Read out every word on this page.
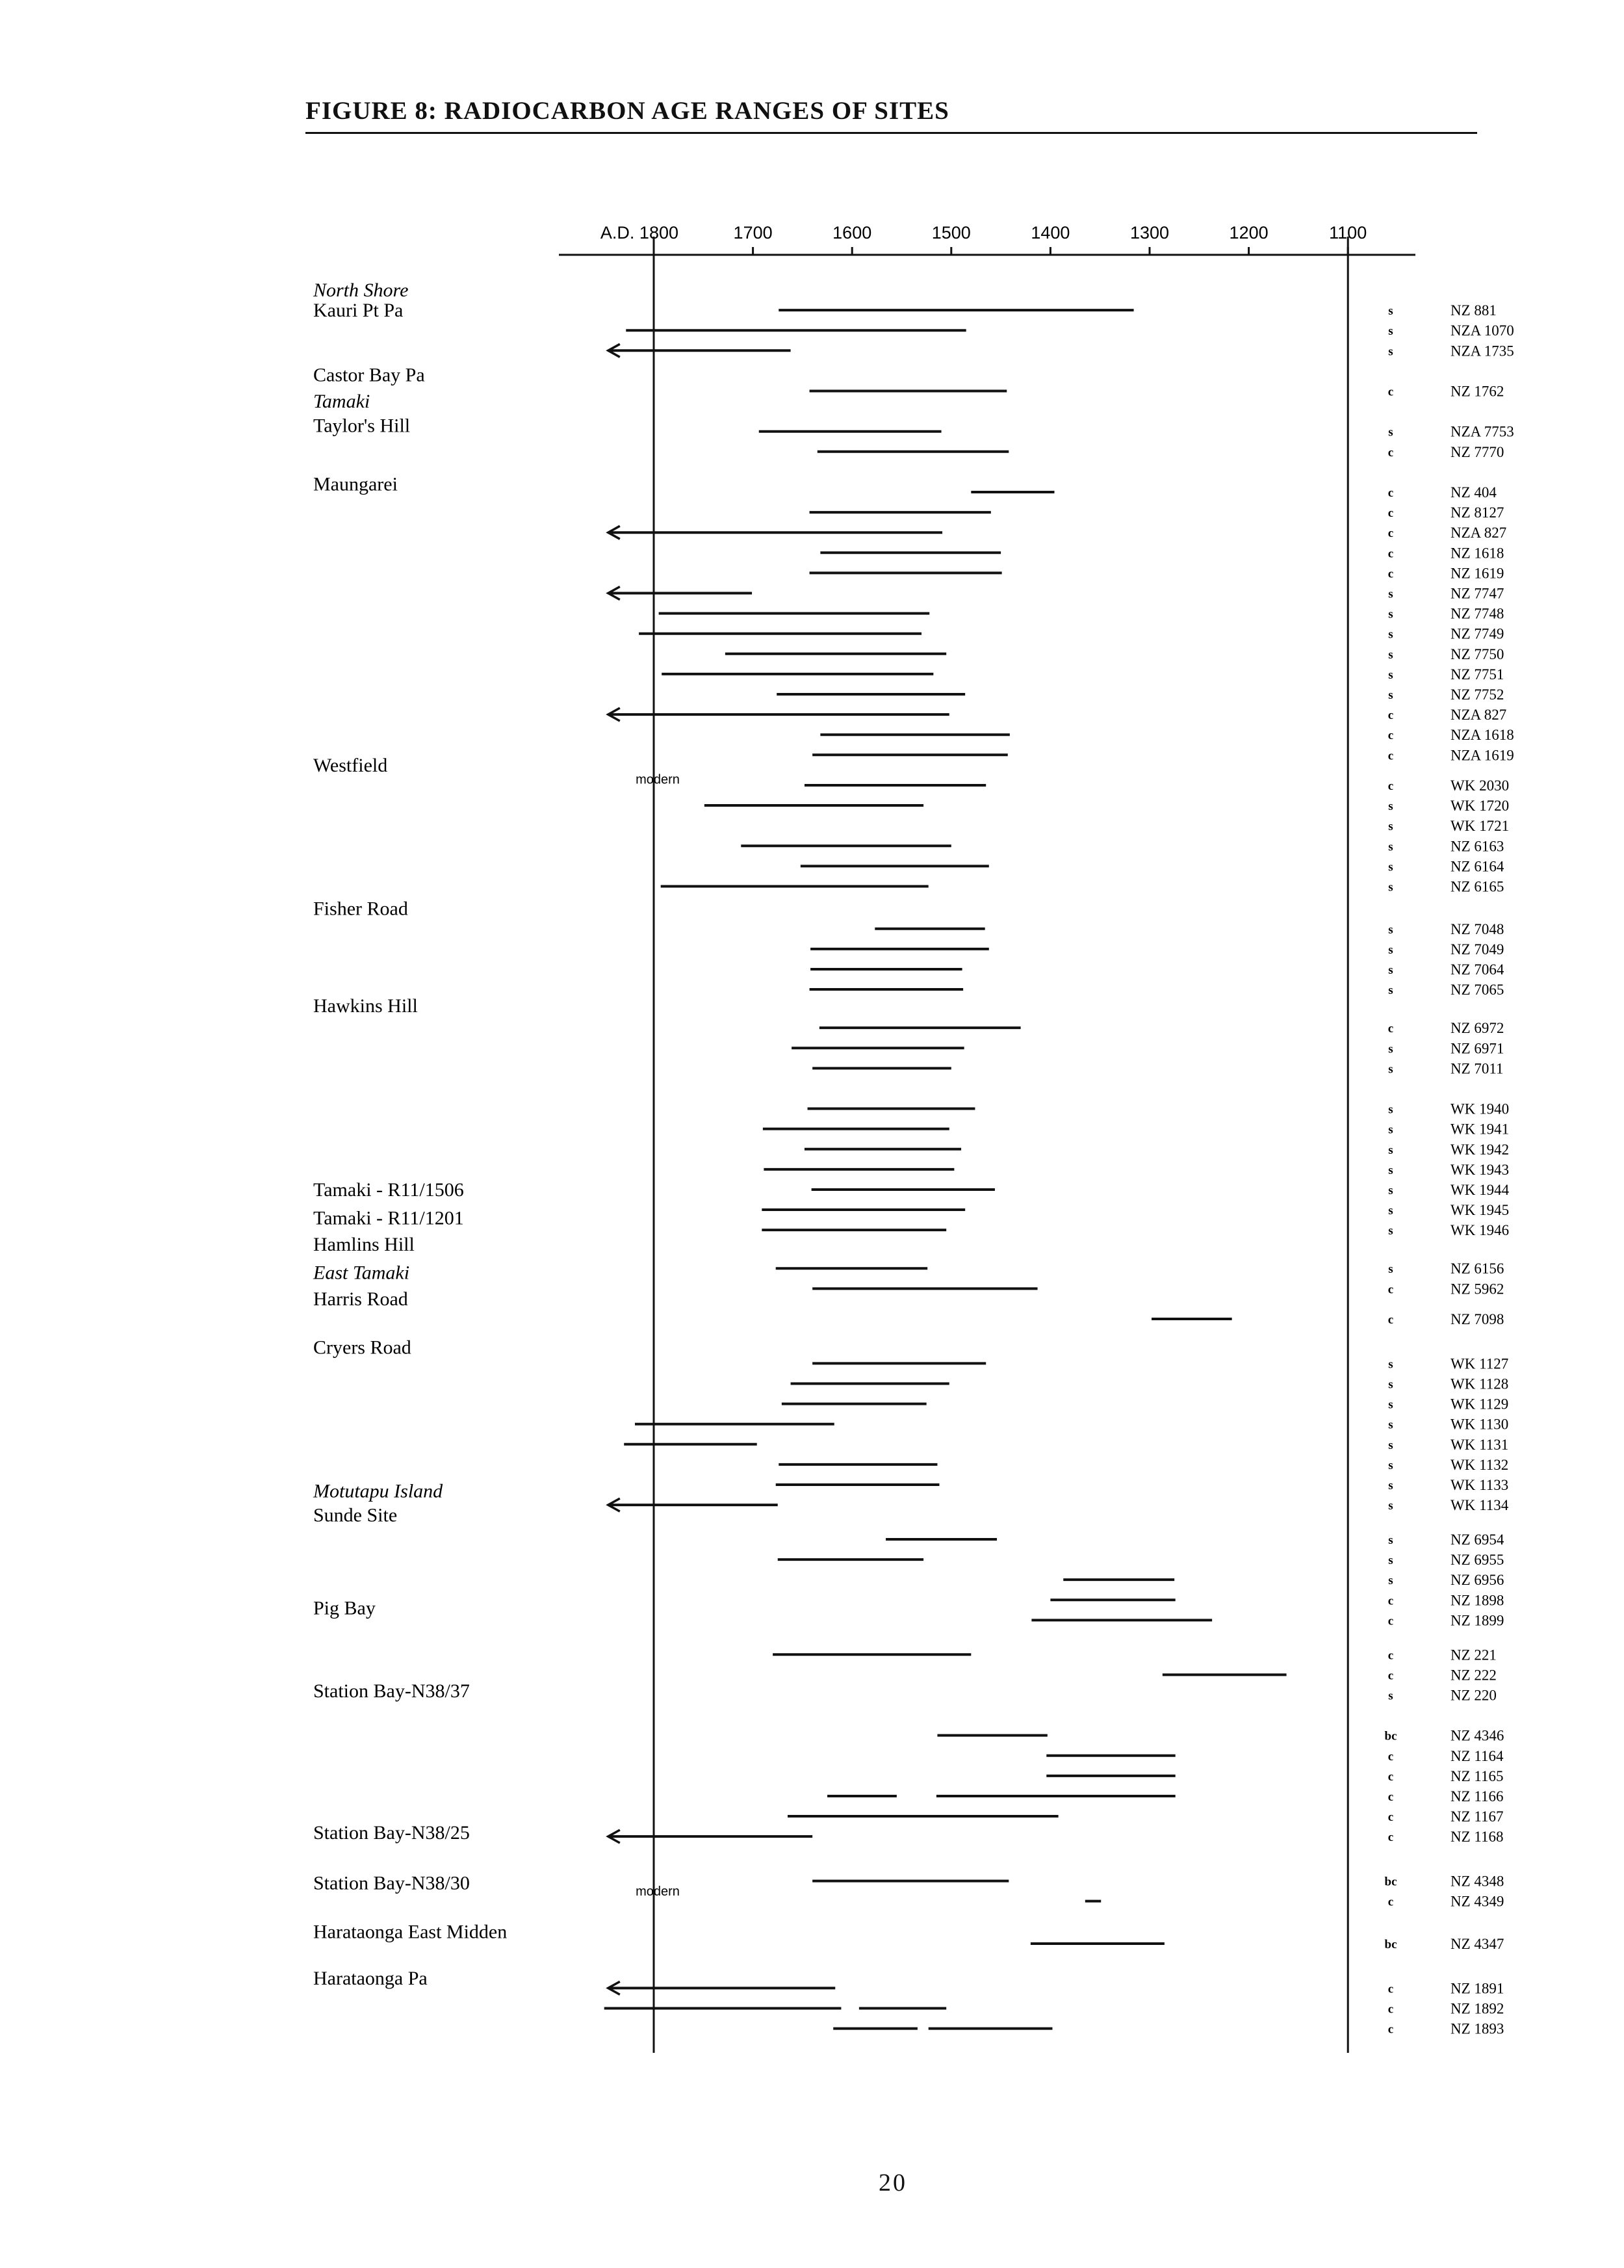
FIGURE 8: RADIOCARBON AGE RANGES OF SITES
A.D. 1800	1700	1600	1500	1400	1300	1200	1100
North Shore
Kauri Pt Pa
Castor Bay Pa
Tamaki
Taylor's Hill
Maungarei
Westfield
Fisher Road
Hawkins Hill
Tamaki - R11/1506
Tamaki - R11/1201
Hamlins Hill
East Tamaki
Harris Road
Cryers Road
Motutapu Island
Sunde Site
Pig Bay
Station Bay-N38/37
Station Bay-N38/25
Station Bay-N38/30
Harataonga East Midden
Harataonga Pa
s	NZ 881
s	NZA 1070
s	NZA 1735
c	NZ 1762
s	NZA 7753
c	NZ 7770
c	NZ 404
c	NZ 8127
c	NZA 827
c	NZ 1618
c	NZ 1619
s	NZ 7747
s	NZ 7748
s	NZ 7749
s	NZ 7750
s	NZ 7751
s	NZ 7752
c	NZA 827
c	NZA 1618
c	NZA 1619
c	WK 2030
s	WK 1720
s	WK 1721
s	NZ 6163
s	NZ 6164
s	NZ 6165
s	NZ 7048
s	NZ 7049
s	NZ 7064
s	NZ 7065
c	NZ 6972
s	NZ 6971
s	NZ 7011
s	WK 1940
s	WK 1941
s	WK 1942
s	WK 1943
s	WK 1944
s	WK 1945
s	WK 1946
s	NZ 6156
c	NZ 5962
c	NZ 7098
s	WK 1127
s	WK 1128
s	WK 1129
s	WK 1130
s	WK 1131
s	WK 1132
s	WK 1133
s	WK 1134
s	NZ 6954
s	NZ 6955
s	NZ 6956
c	NZ 1898
c	NZ 1899
c	NZ 221
c	NZ 222
s	NZ 220
bc	NZ 4346
c	NZ 1164
c	NZ 1165
c	NZ 1166
c	NZ 1167
c	NZ 1168
bc	NZ 4348
c	NZ 4349
bc	NZ 4347
c	NZ 1891
c	NZ 1892
c	NZ 1893
modern
modern
20
